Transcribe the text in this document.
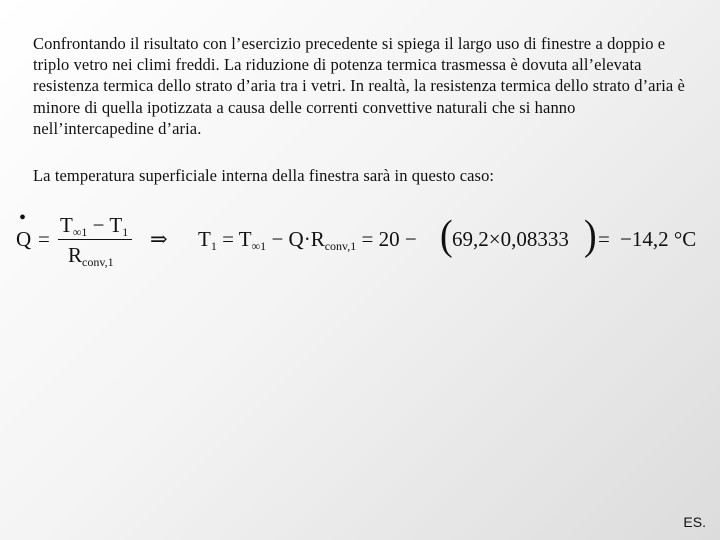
Confrontando il risultato con l’esercizio precedente si spiega il largo uso di finestre a doppio e triplo vetro nei climi freddi. La riduzione di potenza termica trasmessa è dovuta all’elevata resistenza termica dello strato d’aria tra i vetri. In realtà, la resistenza termica dello strato d’aria è minore di quella ipotizzata a causa delle correnti convettive naturali che si hanno nell’intercapedine d’aria.

La temperatura superficiale interna della finestra sarà in questo caso:

•
Q =
$T_{\infty 1} - T_1$
$R_{conv,1}$
⇒ $T_1 = T_{\infty 1} - Q\cdot R_{conv,1} = 20$ − ( 69,2×0,08333 ) = −14,2 °C
ES.
